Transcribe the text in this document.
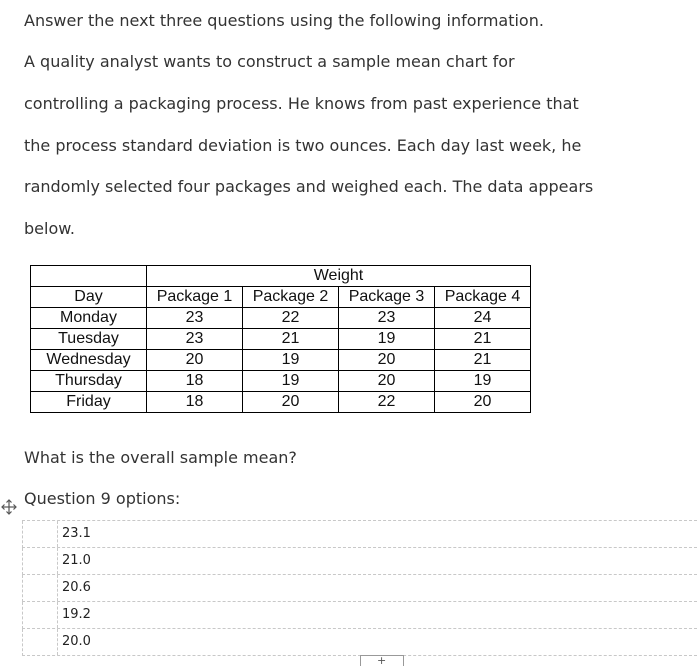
Answer the next three questions using the following information.
A quality analyst wants to construct a sample mean chart for
controlling a packaging process. He knows from past experience that
the process standard deviation is two ounces. Each day last week, he
randomly selected four packages and weighed each. The data appears
below.
	Weight			
Day	Package 1	Package 2	Package 3	Package 4
Monday	23	22	23	24
Tuesday	23	21	19	21
Wednesday	20	19	20	21
Thursday	18	19	20	19
Friday	18	20	22	20
What is the overall sample mean?
Question 9 options:
23.1
21.0
20.6
19.2
20.0
+
